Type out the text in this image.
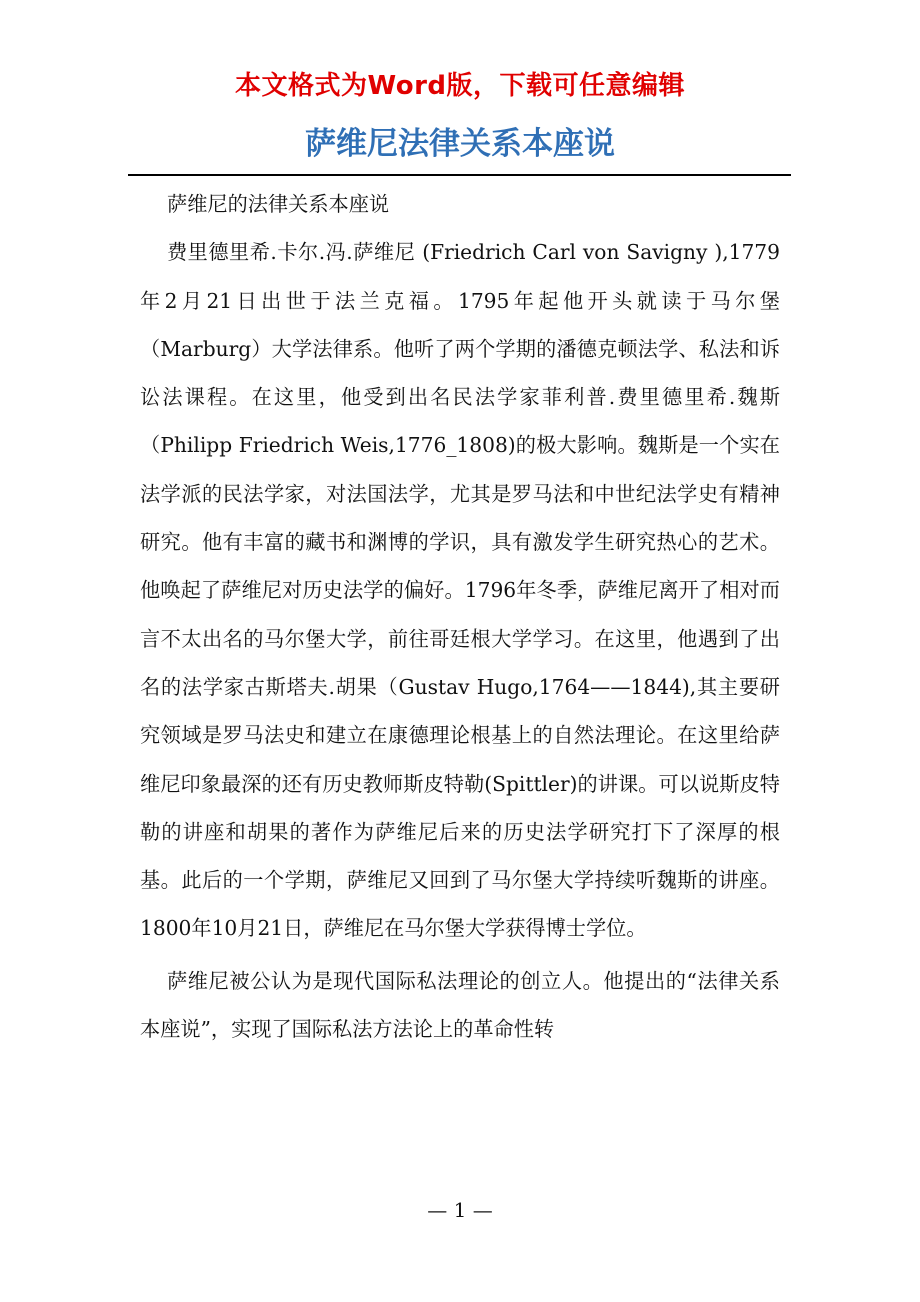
本文格式为Word版，下载可任意编辑
萨维尼法律关系本座说

萨维尼的法律关系本座说

费里德里希.卡尔.冯.萨维尼 (Friedrich Carl von Savigny ),1779年2月21日出世于法兰克福。1795年起他开头就读于马尔堡（Marburg）大学法律系。他听了两个学期的潘德克顿法学、私法和诉讼法课程。在这里，他受到出名民法学家菲利普.费里德里希.魏斯（Philipp Friedrich Weis,1776_1808)的极大影响。魏斯是一个实在法学派的民法学家，对法国法学，尤其是罗马法和中世纪法学史有精神研究。他有丰富的藏书和渊博的学识，具有激发学生研究热心的艺术。他唤起了萨维尼对历史法学的偏好。1796年冬季，萨维尼离开了相对而言不太出名的马尔堡大学，前往哥廷根大学学习。在这里，他遇到了出名的法学家古斯塔夫.胡果（Gustav Hugo,1764——1844),其主要研究领域是罗马法史和建立在康德理论根基上的自然法理论。在这里给萨维尼印象最深的还有历史教师斯皮特勒(Spittler)的讲课。可以说斯皮特勒的讲座和胡果的著作为萨维尼后来的历史法学研究打下了深厚的根基。此后的一个学期，萨维尼又回到了马尔堡大学持续听魏斯的讲座。1800年10月21日，萨维尼在马尔堡大学获得博士学位。

萨维尼被公认为是现代国际私法理论的创立人。他提出的“法律关系本座说”，实现了国际私法方法论上的革命性转

— 1 —
